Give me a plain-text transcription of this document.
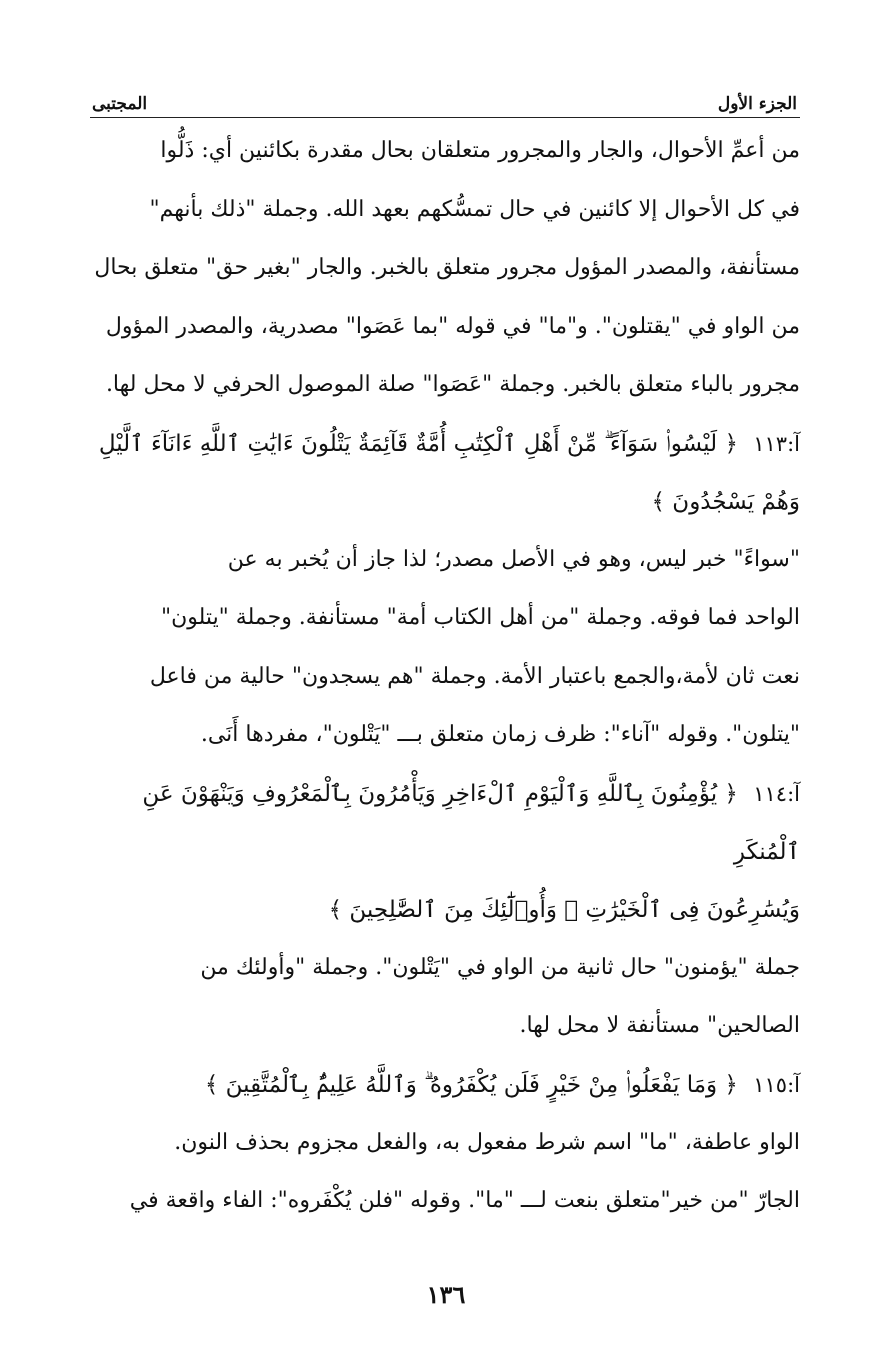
الجزء الأول
المجتبى

من أعمِّ الأحوال، والجار والمجرور متعلقان بحال مقدرة بكائنين أي: ذَلُّوا

في كل الأحوال إلا كائنين في حال تمسُّكهم بعهد الله. وجملة "ذلك بأنهم"

مستأنفة، والمصدر المؤول مجرور متعلق بالخبر. والجار "بغير حق" متعلق بحال

من الواو في "يقتلون". و"ما" في قوله "بما عَصَوا" مصدرية، والمصدر المؤول

مجرور بالباء متعلق بالخبر. وجملة "عَصَوا" صلة الموصول الحرفي لا محل لها.

آ:١١٣ ﴿ لَيْسُوا۟ سَوَآءً ۗ مِّنْ أَهْلِ ٱلْكِتَٰبِ أُمَّةٌ قَآئِمَةٌ يَتْلُونَ ءَايَٰتِ ٱللَّهِ ءَانَآءَ ٱلَّيْلِ

وَهُمْ يَسْجُدُونَ ﴾

"سواءً" خبر ليس، وهو في الأصل مصدر؛ لذا جاز أن يُخبر به عن

الواحد فما فوقه. وجملة "من أهل الكتاب أمة" مستأنفة. وجملة "يتلون"

نعت ثان لأمة،والجمع باعتبار الأمة. وجملة "هم يسجدون" حالية من فاعل

"يتلون". وقوله "آناء": ظرف زمان متعلق بـــ "يَتْلون"، مفردها أَنَى.

آ:١١٤ ﴿ يُؤْمِنُونَ بِٱللَّهِ وَٱلْيَوْمِ ٱلْءَاخِرِ وَيَأْمُرُونَ بِٱلْمَعْرُوفِ وَيَنْهَوْنَ عَنِ ٱلْمُنكَرِ

وَيُسَٰرِعُونَ فِى ٱلْخَيْرَٰتِ ۖ وَأُو۟لَٰٓئِكَ مِنَ ٱلصَّٰلِحِينَ ﴾

جملة "يؤمنون" حال ثانية من الواو في "يَتْلون". وجملة "وأولئك من

الصالحين" مستأنفة لا محل لها.

آ:١١٥ ﴿ وَمَا يَفْعَلُوا۟ مِنْ خَيْرٍ فَلَن يُكْفَرُوهُ ۗ وَٱللَّهُ عَلِيمٌۢ بِٱلْمُتَّقِينَ ﴾

الواو عاطفة، "ما" اسم شرط مفعول به، والفعل مجزوم بحذف النون.

الجارّ "من خير"متعلق بنعت لـــ "ما". وقوله "فلن يُكْفَروه": الفاء واقعة في

١٣٦
